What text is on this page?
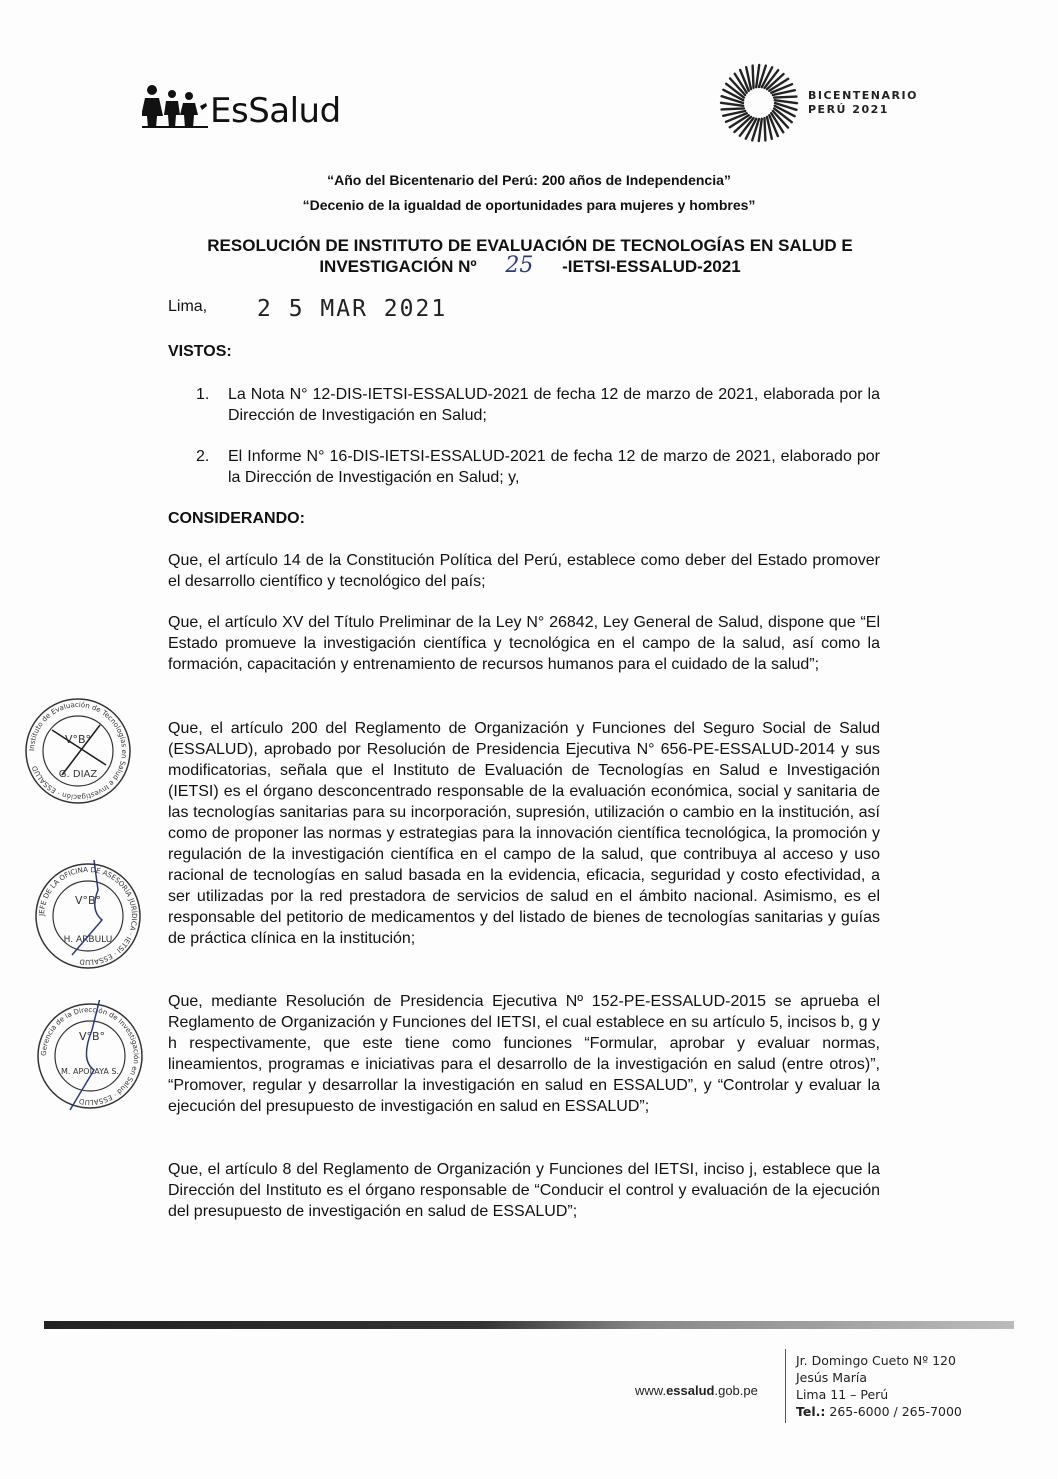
EsSalud	BICENTENARIO
PERÚ 2021
“Año del Bicentenario del Perú: 200 años de Independencia”
“Decenio de la igualdad de oportunidades para mujeres y hombres”
RESOLUCIÓN DE INSTITUTO DE EVALUACIÓN DE TECNOLOGÍAS EN SALUD E
INVESTIGACIÓN Nº 25 -IETSI-ESSALUD-2021
Lima, 2 5 MAR 2021
VISTOS:
1.	La Nota N° 12-DIS-IETSI-ESSALUD-2021 de fecha 12 de marzo de 2021, elaborada por la Dirección de Investigación en Salud;
2.	El Informe N° 16-DIS-IETSI-ESSALUD-2021 de fecha 12 de marzo de 2021, elaborado por la Dirección de Investigación en Salud; y,
CONSIDERANDO:

Que, el artículo 14 de la Constitución Política del Perú, establece como deber del Estado promover el desarrollo científico y tecnológico del país;

Que, el artículo XV del Título Preliminar de la Ley N° 26842, Ley General de Salud, dispone que “El Estado promueve la investigación científica y tecnológica en el campo de la salud, así como la formación, capacitación y entrenamiento de recursos humanos para el cuidado de la salud”;

Que, el artículo 200 del Reglamento de Organización y Funciones del Seguro Social de Salud (ESSALUD), aprobado por Resolución de Presidencia Ejecutiva N° 656-PE-ESSALUD-2014 y sus modificatorias, señala que el Instituto de Evaluación de Tecnologías en Salud e Investigación (IETSI) es el órgano desconcentrado responsable de la evaluación económica, social y sanitaria de las tecnologías sanitarias para su incorporación, supresión, utilización o cambio en la institución, así como de proponer las normas y estrategias para la innovación científica tecnológica, la promoción y regulación de la investigación científica en el campo de la salud, que contribuya al acceso y uso racional de tecnologías en salud basada en la evidencia, eficacia, seguridad y costo efectividad, a ser utilizadas por la red prestadora de servicios de salud en el ámbito nacional. Asimismo, es el responsable del petitorio de medicamentos y del listado de bienes de tecnologías sanitarias y guías de práctica clínica en la institución;

Que, mediante Resolución de Presidencia Ejecutiva Nº 152-PE-ESSALUD-2015 se aprueba el Reglamento de Organización y Funciones del IETSI, el cual establece en su artículo 5, incisos b, g y h respectivamente, que este tiene como funciones “Formular, aprobar y evaluar normas, lineamientos, programas e iniciativas para el desarrollo de la investigación en salud (entre otros)”, “Promover, regular y desarrollar la investigación en salud en ESSALUD”, y “Controlar y evaluar la ejecución del presupuesto de investigación en salud en ESSALUD”;

Que, el artículo 8 del Reglamento de Organización y Funciones del IETSI, inciso j, establece que la Dirección del Instituto es el órgano responsable de “Conducir el control y evaluación de la ejecución del presupuesto de investigación en salud de ESSALUD”;

Instituto de Evaluación de Tecnologías en Salud e Investigación · ESSALUD
V°B°
G. DIAZ
JEFE DE LA OFICINA DE ASESORÍA JURÍDICA · IETSI · ESSALUD
V°B°
H. ARBULU
Gerencia de la Dirección de Investigación en Salud · ESSALUD
V°B°
M. APOLAYA S.
www.essalud.gob.pe
Jr. Domingo Cueto Nº 120
Jesús María
Lima 11 – Perú
Tel.: 265-6000 / 265-7000
